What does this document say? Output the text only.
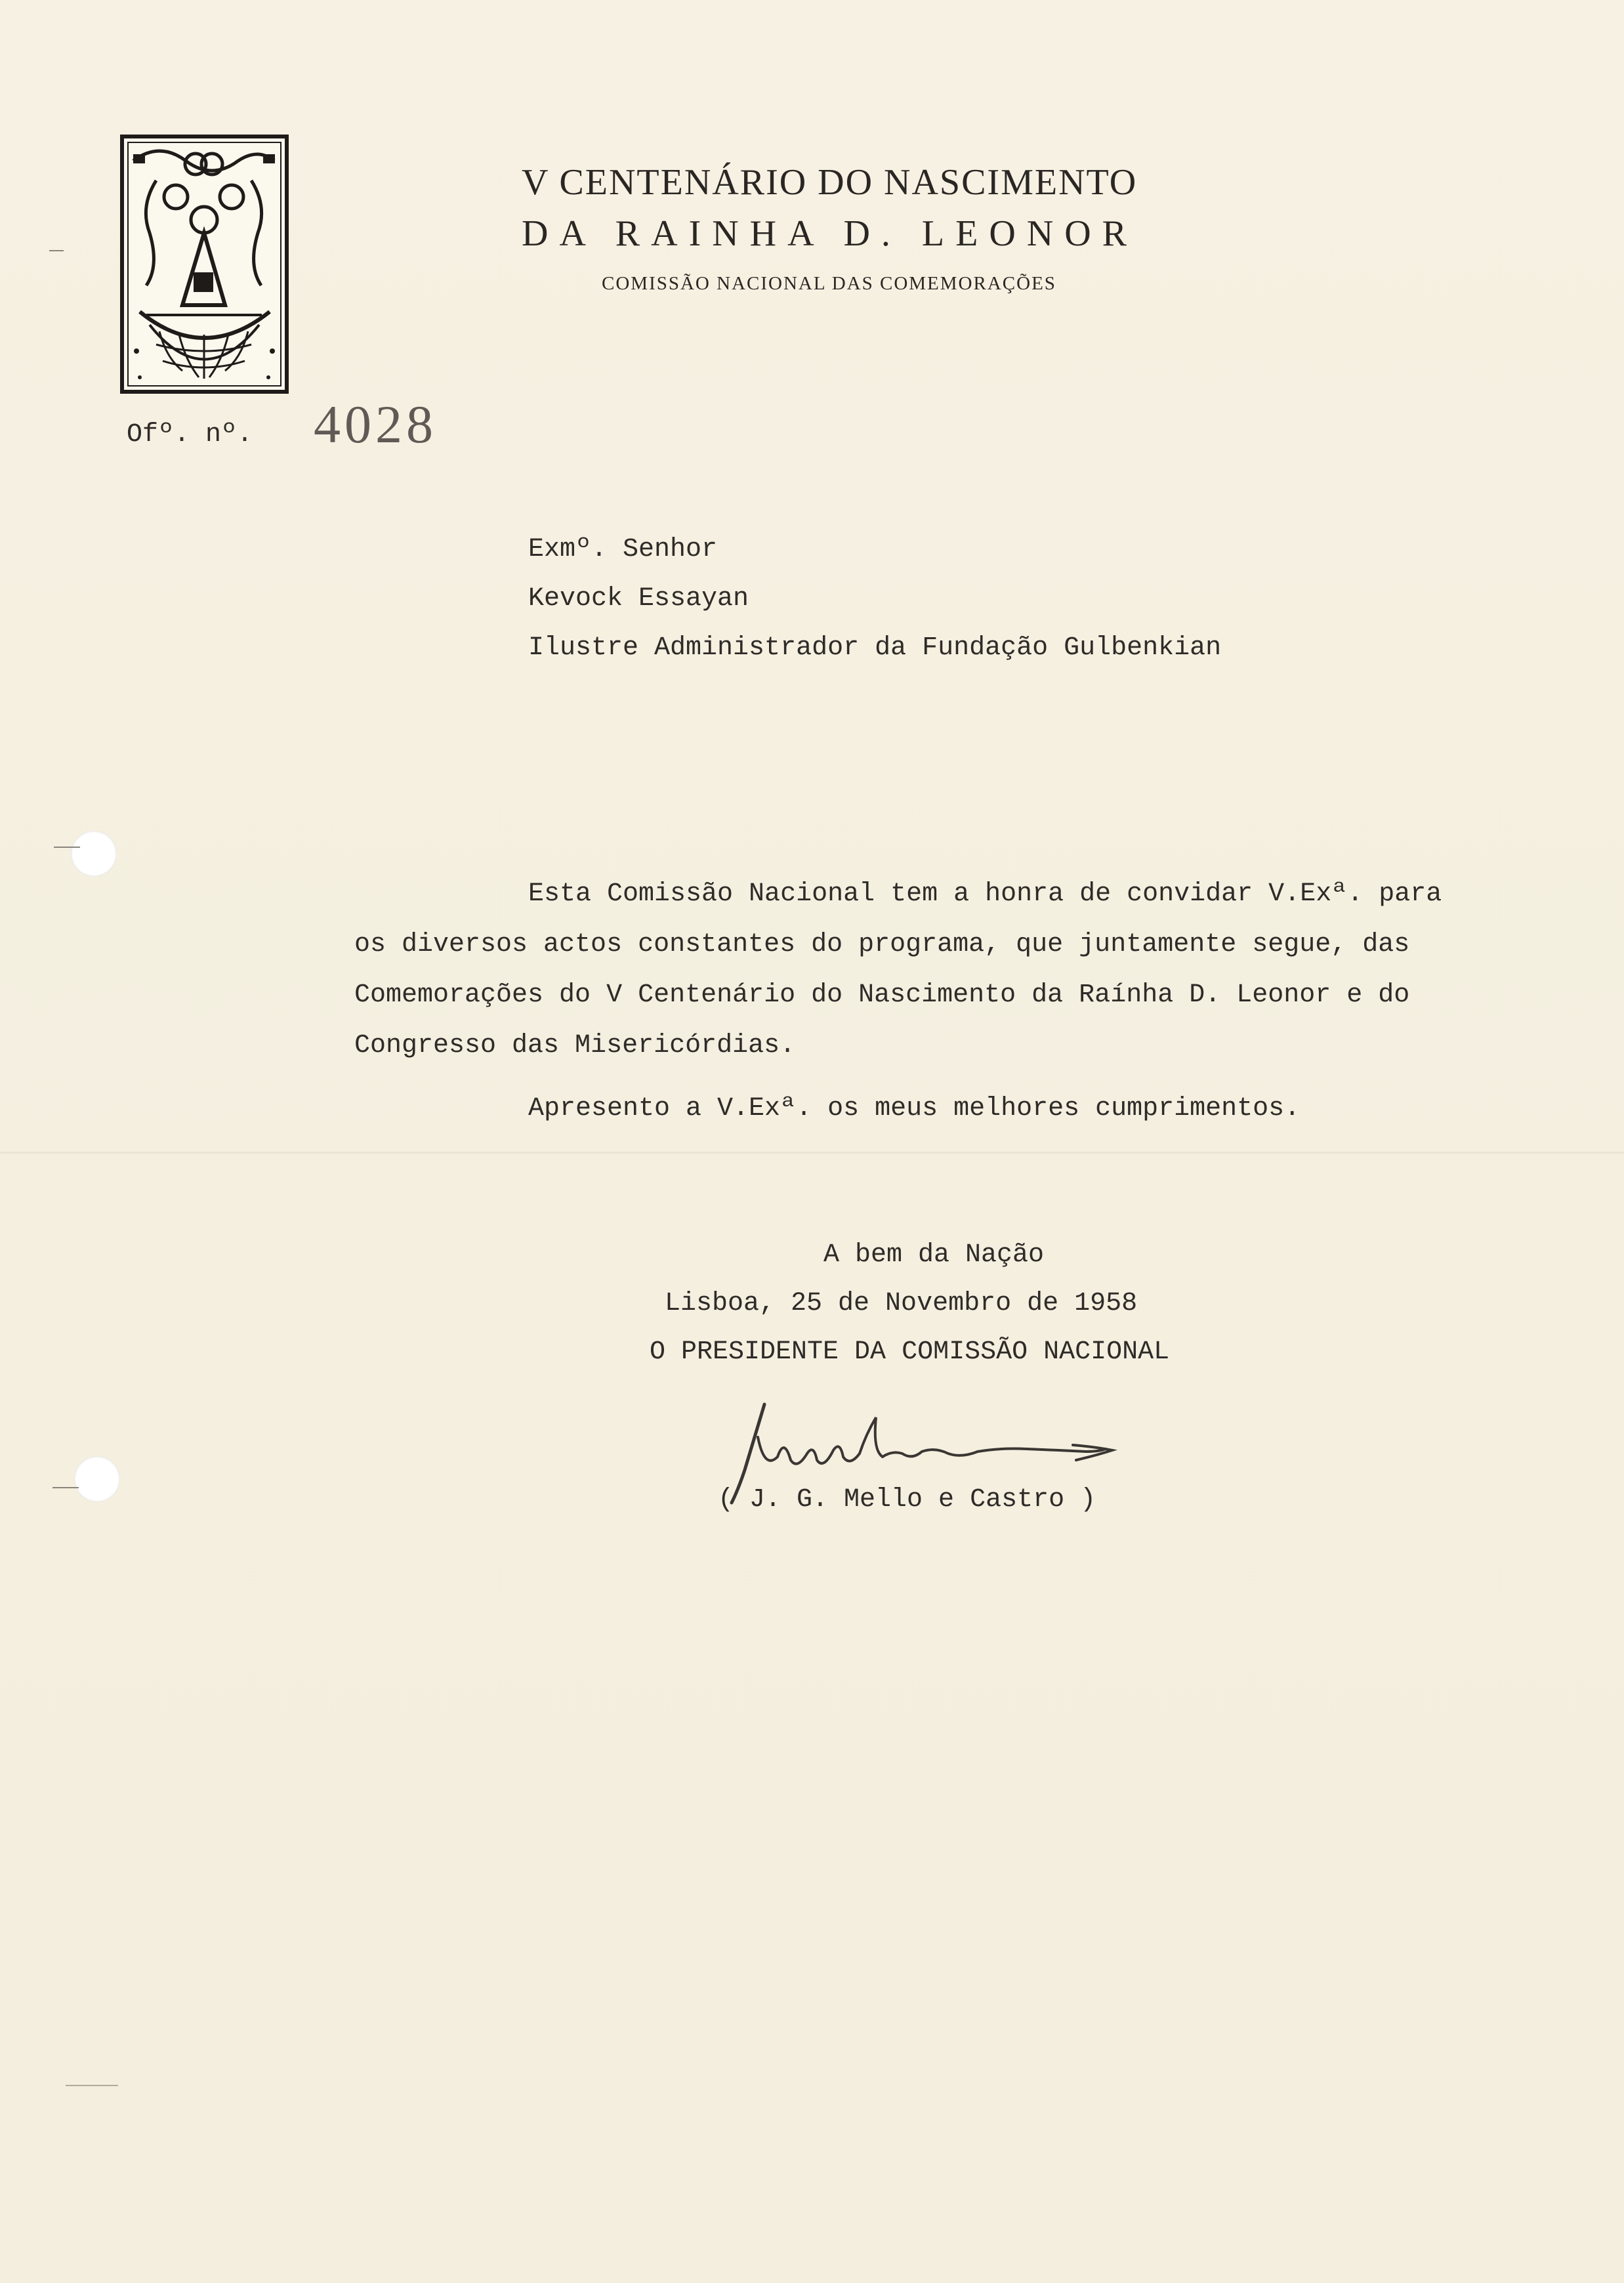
V CENTENÁRIO DO NASCIMENTO
DA RAINHA D. LEONOR
COMISSÃO NACIONAL DAS COMEMORAÇÕES
Ofº. nº. 4028
Exmº. Senhor
Kevock Essayan
Ilustre Administrador da Fundação Gulbenkian
Esta Comissão Nacional tem a honra de convidar V.Exª. para
os diversos actos constantes do programa, que juntamente segue, das
Comemorações do V Centenário do Nascimento da Raínha D. Leonor e do
Congresso das Misericórdias.
Apresento a V.Exª. os meus melhores cumprimentos.
A bem da Nação
Lisboa, 25 de Novembro de 1958
O PRESIDENTE DA COMISSÃO NACIONAL
( J. G. Mello e Castro )
